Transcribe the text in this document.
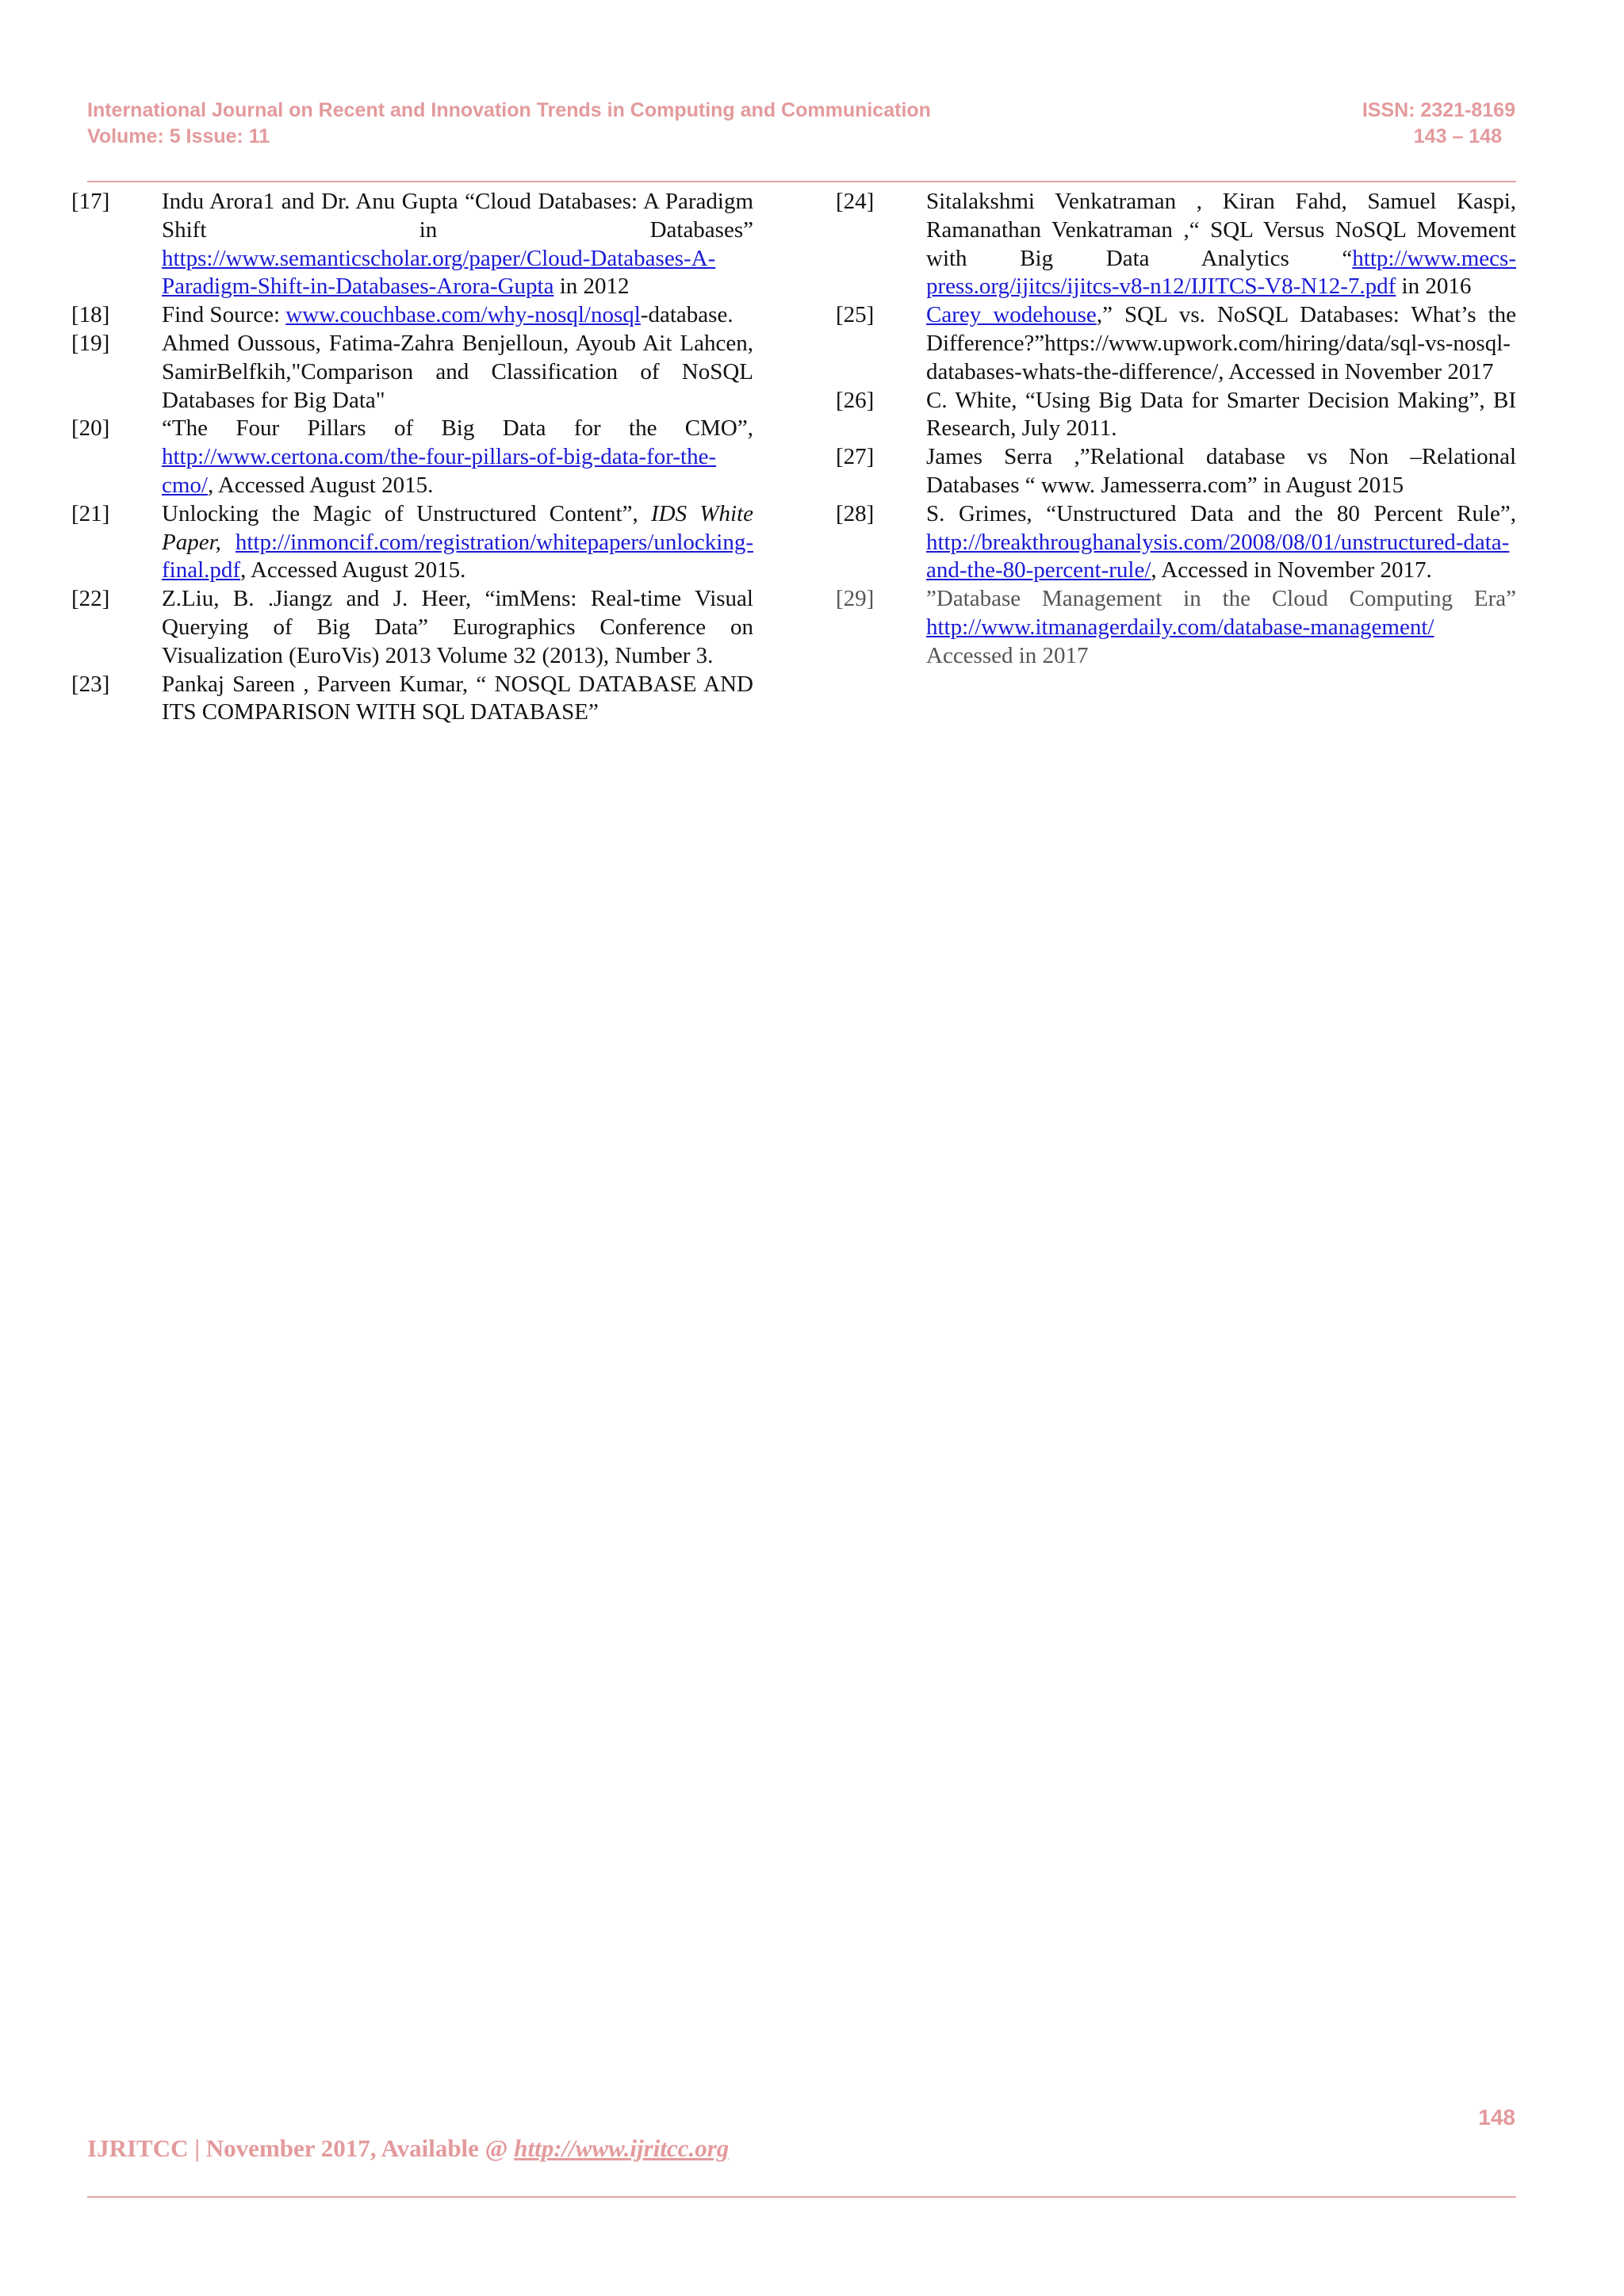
International Journal on Recent and Innovation Trends in Computing and Communication
Volume: 5 Issue: 11
ISSN: 2321-8169
143 – 148
[17] Indu Arora1 and Dr. Anu Gupta “Cloud Databases: A Paradigm Shift in Databases” https://www.semanticscholar.org/paper/Cloud-Databases-A-Paradigm-Shift-in-Databases-Arora-Gupta in 2012
[18] Find Source: www.couchbase.com/why-nosql/nosql-database.
[19] Ahmed Oussous, Fatima-Zahra Benjelloun, Ayoub Ait Lahcen, SamirBelfkih,"Comparison and Classification of NoSQL Databases for Big Data"
[20] “The Four Pillars of Big Data for the CMO”, http://www.certona.com/the-four-pillars-of-big-data-for-the-cmo/, Accessed August 2015.
[21] Unlocking the Magic of Unstructured Content”, IDS White Paper, http://inmoncif.com/registration/whitepapers/unlocking-final.pdf, Accessed August 2015.
[22] Z.Liu, B. .Jiangz and J. Heer, “imMens: Real-time Visual Querying of Big Data” Eurographics Conference on Visualization (EuroVis) 2013 Volume 32 (2013), Number 3.
[23] Pankaj Sareen , Parveen Kumar, “ NOSQL DATABASE AND ITS COMPARISON WITH SQL DATABASE”
[24] Sitalakshmi Venkatraman , Kiran Fahd, Samuel Kaspi, Ramanathan Venkatraman ,“ SQL Versus NoSQL Movement with Big Data Analytics “http://www.mecs-press.org/ijitcs/ijitcs-v8-n12/IJITCS-V8-N12-7.pdf in 2016
[25] Carey wodehouse,” SQL vs. NoSQL Databases: What’s the Difference?”https://www.upwork.com/hiring/data/sql-vs-nosql-databases-whats-the-difference/, Accessed in November 2017
[26] C. White, “Using Big Data for Smarter Decision Making”, BI Research, July 2011.
[27] James Serra ,”Relational database vs Non –Relational Databases “ www. Jamesserra.com” in August 2015
[28] S. Grimes, “Unstructured Data and the 80 Percent Rule”, http://breakthroughanalysis.com/2008/08/01/unstructured-data-and-the-80-percent-rule/, Accessed in November 2017.
[29] ”Database Management in the Cloud Computing Era” http://www.itmanagerdaily.com/database-management/ Accessed in 2017
148
IJRITCC | November 2017, Available @ http://www.ijritcc.org
